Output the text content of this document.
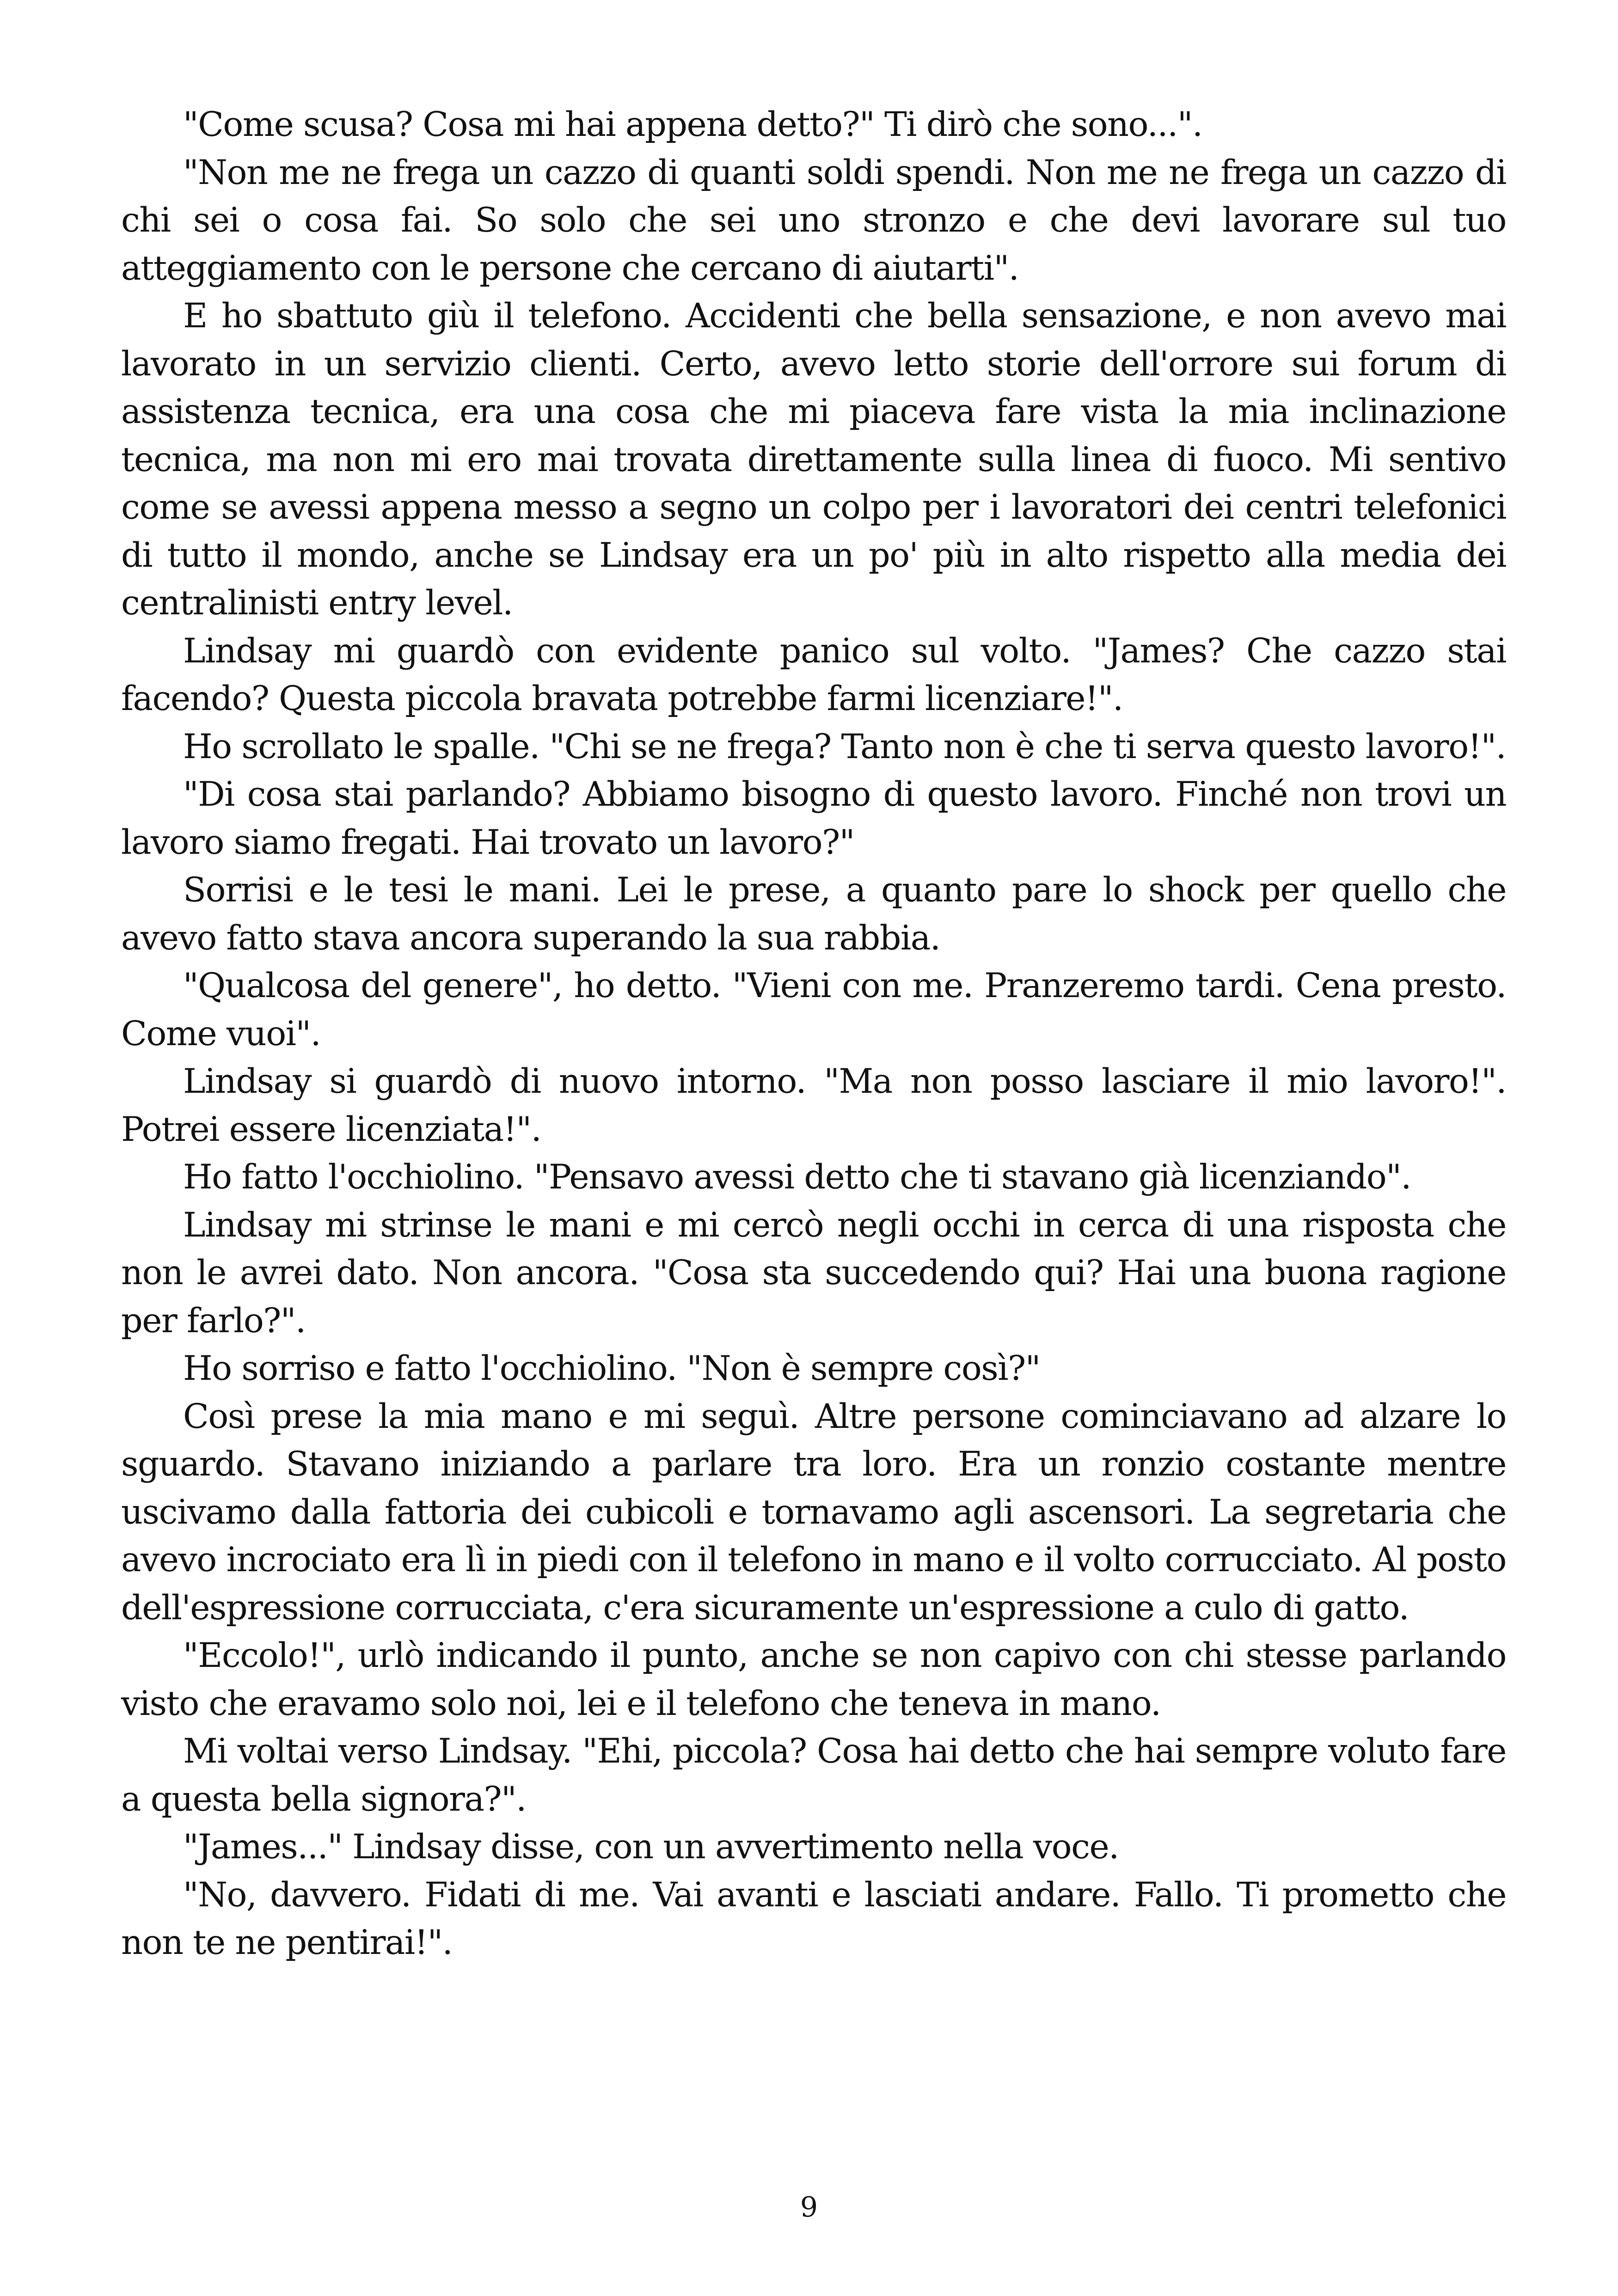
"Come scusa? Cosa mi hai appena detto?" Ti dirò che sono...".

"Non me ne frega un cazzo di quanti soldi spendi. Non me ne frega un cazzo di chi sei o cosa fai. So solo che sei uno stronzo e che devi lavorare sul tuo atteggiamento con le persone che cercano di aiutarti".

E ho sbattuto giù il telefono. Accidenti che bella sensazione, e non avevo mai lavorato in un servizio clienti. Certo, avevo letto storie dell'orrore sui forum di assistenza tecnica, era una cosa che mi piaceva fare vista la mia inclinazione tecnica, ma non mi ero mai trovata direttamente sulla linea di fuoco. Mi sentivo come se avessi appena messo a segno un colpo per i lavoratori dei centri telefonici di tutto il mondo, anche se Lindsay era un po' più in alto rispetto alla media dei centralinisti entry level.

Lindsay mi guardò con evidente panico sul volto. "James? Che cazzo stai facendo? Questa piccola bravata potrebbe farmi licenziare!".

Ho scrollato le spalle. "Chi se ne frega? Tanto non è che ti serva questo lavoro!".

"Di cosa stai parlando? Abbiamo bisogno di questo lavoro. Finché non trovi un lavoro siamo fregati. Hai trovato un lavoro?"

Sorrisi e le tesi le mani. Lei le prese, a quanto pare lo shock per quello che avevo fatto stava ancora superando la sua rabbia.

"Qualcosa del genere", ho detto. "Vieni con me. Pranzeremo tardi. Cena presto. Come vuoi".

Lindsay si guardò di nuovo intorno. "Ma non posso lasciare il mio lavoro!". Potrei essere licenziata!".

Ho fatto l'occhiolino. "Pensavo avessi detto che ti stavano già licenziando".

Lindsay mi strinse le mani e mi cercò negli occhi in cerca di una risposta che non le avrei dato. Non ancora. "Cosa sta succedendo qui? Hai una buona ragione per farlo?".

Ho sorriso e fatto l'occhiolino. "Non è sempre così?"

Così prese la mia mano e mi seguì. Altre persone cominciavano ad alzare lo sguardo. Stavano iniziando a parlare tra loro. Era un ronzio costante mentre uscivamo dalla fattoria dei cubicoli e tornavamo agli ascensori. La segretaria che avevo incrociato era lì in piedi con il telefono in mano e il volto corrucciato. Al posto dell'espressione corrucciata, c'era sicuramente un'espressione a culo di gatto.

"Eccolo!", urlò indicando il punto, anche se non capivo con chi stesse parlando visto che eravamo solo noi, lei e il telefono che teneva in mano.

Mi voltai verso Lindsay. "Ehi, piccola? Cosa hai detto che hai sempre voluto fare a questa bella signora?".

"James..." Lindsay disse, con un avvertimento nella voce.

"No, davvero. Fidati di me. Vai avanti e lasciati andare. Fallo. Ti prometto che non te ne pentirai!".

9
